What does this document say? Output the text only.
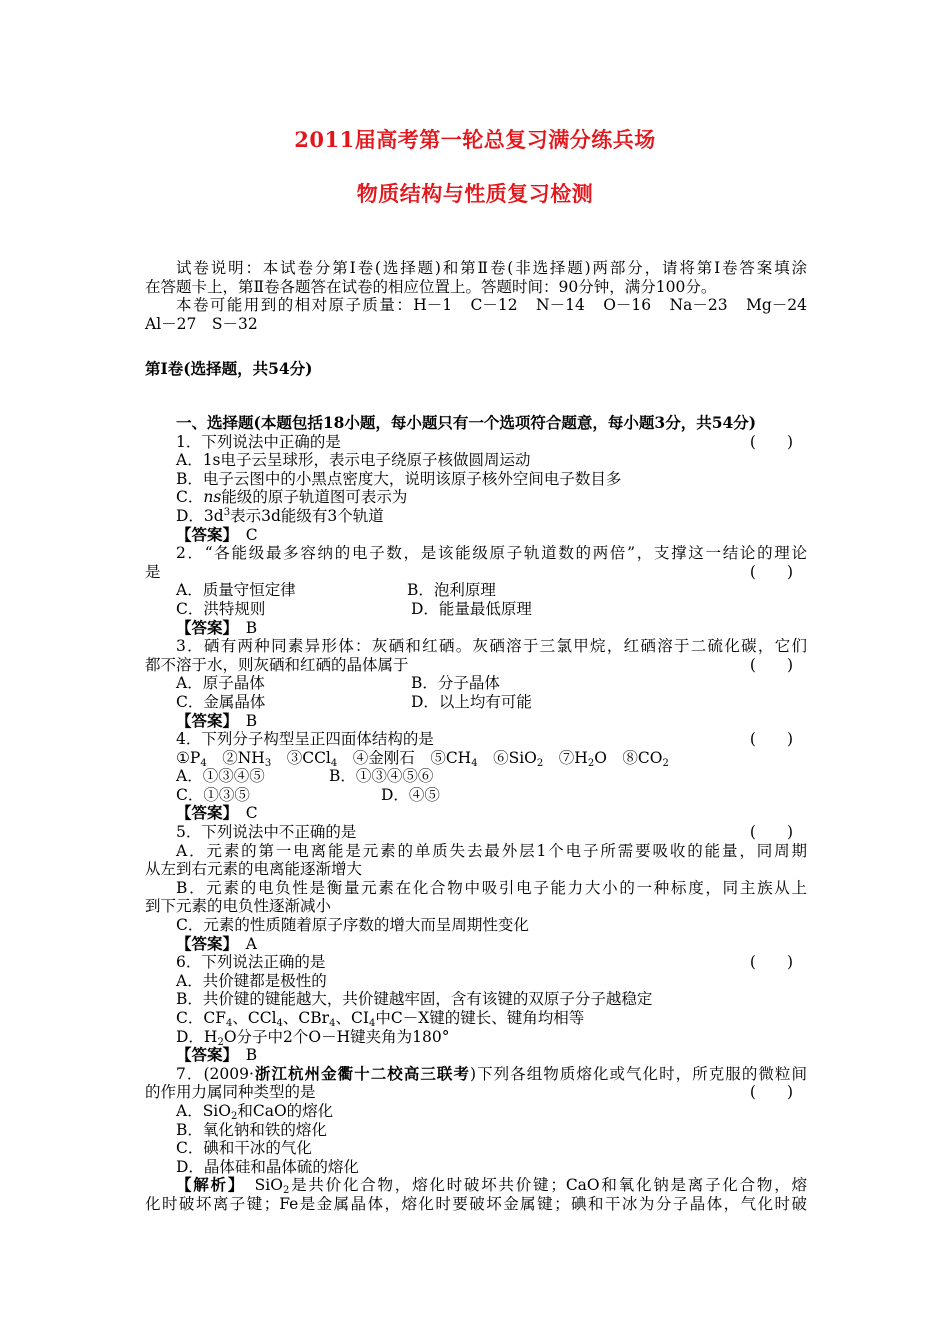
2011届高考第一轮总复习满分练兵场
物质结构与性质复习检测
试卷说明：本试卷分第Ⅰ卷(选择题)和第Ⅱ卷(非选择题)两部分，请将第Ⅰ卷答案填涂
在答题卡上，第Ⅱ卷各题答在试卷的相应位置上。答题时间：90分钟，满分100分。
本卷可能用到的相对原子质量：H－1　C－12　N－14　O－16　Na－23　Mg－24
Al－27　S－32
第Ⅰ卷(选择题，共54分)
一、选择题(本题包括18小题，每小题只有一个选项符合题意，每小题3分，共54分)
1．下列说法中正确的是	(　　)
A．1s电子云呈球形，表示电子绕原子核做圆周运动
B．电子云图中的小黑点密度大，说明该原子核外空间电子数目多
C．ns能级的原子轨道图可表示为
D．$3d^3$表示3d能级有3个轨道
【答案】　 C
2．“各能级最多容纳的电子数，是该能级原子轨道数的两倍”，支撑这一结论的理论
是	(　　)
A．质量守恒定律	B．泡利原理
C．洪特规则	D．能量最低原理
【答案】　 B
3．硒有两种同素异形体：灰硒和红硒。灰硒溶于三氯甲烷，红硒溶于二硫化碳，它们
都不溶于水，则灰硒和红硒的晶体属于	(　　)
A．原子晶体	B．分子晶体
C．金属晶体	D．以上均有可能
【答案】　 B
4．下列分子构型呈正四面体结构的是	(　　)
$①P_4$　 $②NH_3$　 ③CCl$_4$　 ④金刚石　 $⑤CH_4$　 ⑥SiO$_2$　 $⑦H_2O$　 $⑧CO_2$
A．①③④⑤	B．①③④⑤⑥
C．①③⑤	D．④⑤
【答案】　 C
5．下列说法中不正确的是	(　　)
A．元素的第一电离能是元素的单质失去最外层1个电子所需要吸收的能量，同周期
从左到右元素的电离能逐渐增大
B．元素的电负性是衡量元素在化合物中吸引电子能力大小的一种标度，同主族从上
到下元素的电负性逐渐减小
C．元素的性质随着原子序数的增大而呈周期性变化
【答案】　 A
6．下列说法正确的是	(　　)
A．共价键都是极性的
B．共价键的键能越大，共价键越牢固，含有该键的双原子分子越稳定
C．$CF_4$、CCl$_4$、CBr$_4$、$CI_4$中C－X键的键长、键角均相等
D．$H_2O$分子中2个O－H键夹角为180°
【答案】　 B
7．(2009·浙江杭州金衢十二校高三联考)下列各组物质熔化或气化时，所克服的微粒间
的作用力属同种类型的是	(　　)
A．SiO$_2$和CaO的熔化
B．氧化钠和铁的熔化
C．碘和干冰的气化
D．晶体硅和晶体硫的熔化
【解析】　SiO$_2$是共价化合物，熔化时破坏共价键；CaO和氧化钠是离子化合物，熔
化时破坏离子键；Fe是金属晶体，熔化时要破坏金属键；碘和干冰为分子晶体，气化时破
